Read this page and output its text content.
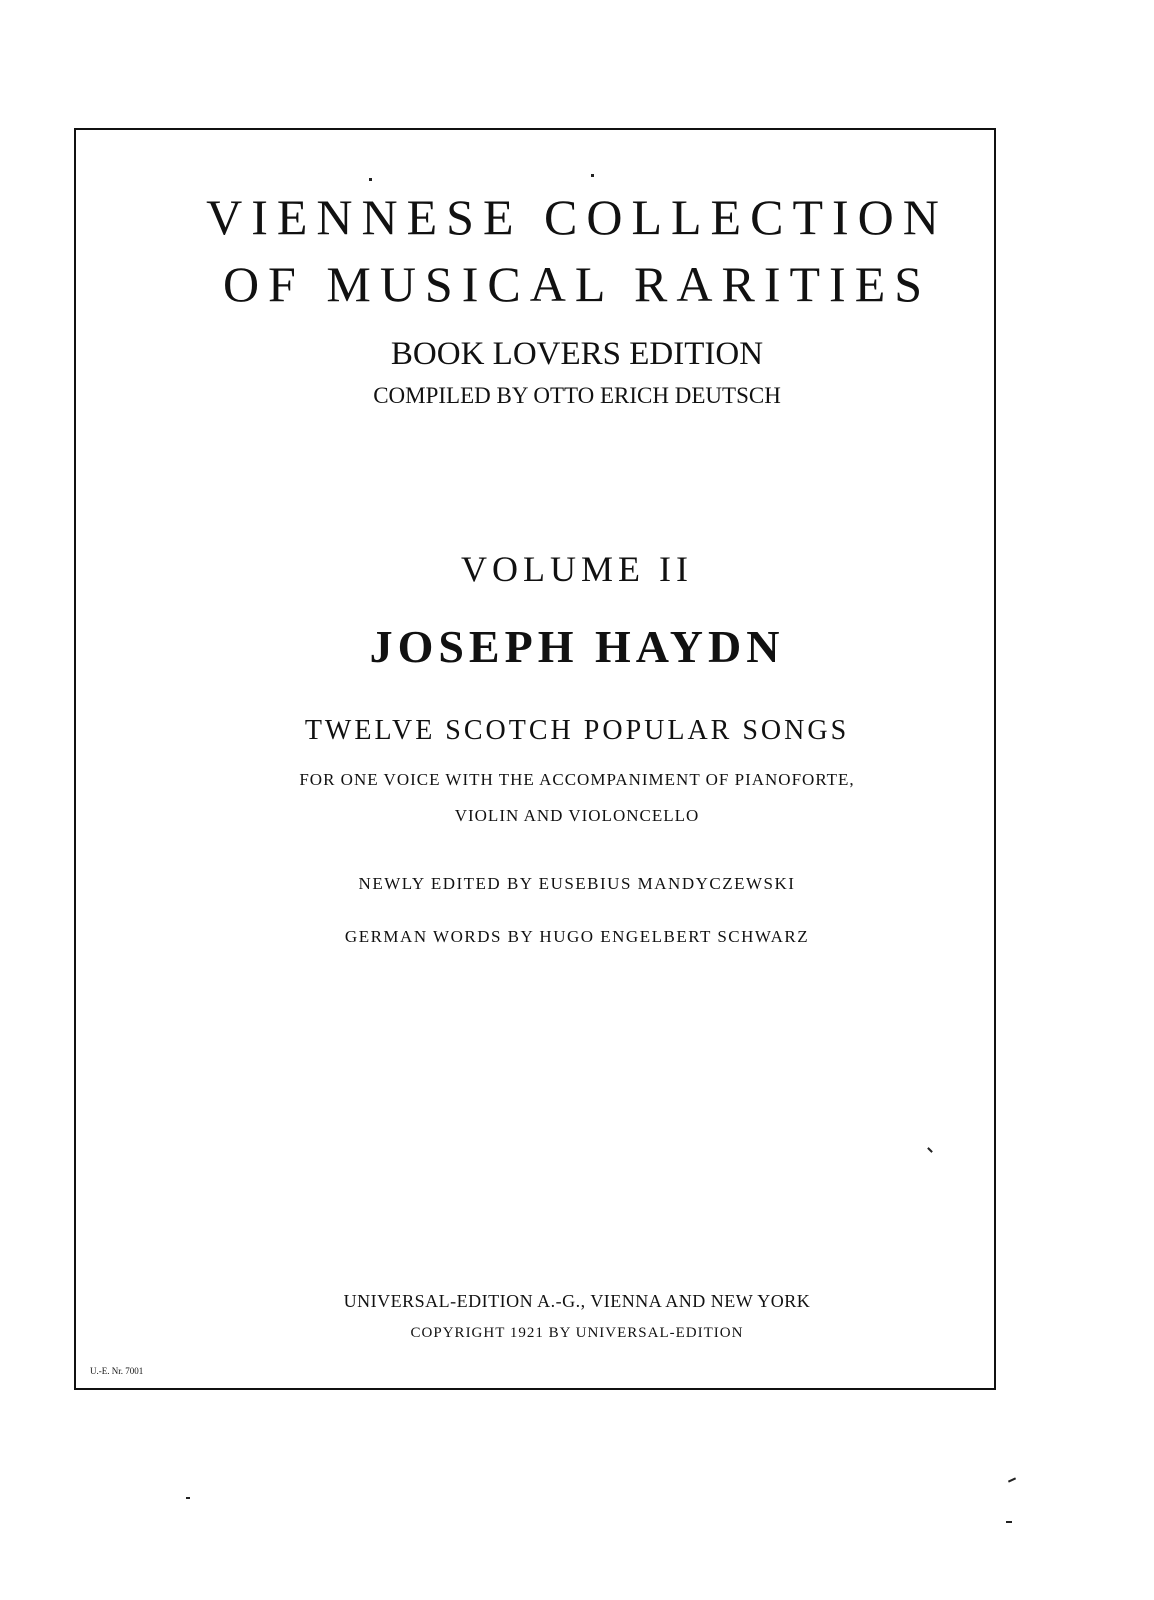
VIENNESE COLLECTION
OF MUSICAL RARITIES
BOOK LOVERS EDITION
COMPILED BY OTTO ERICH DEUTSCH
VOLUME II
JOSEPH HAYDN
TWELVE SCOTCH POPULAR SONGS
FOR ONE VOICE WITH THE ACCOMPANIMENT OF PIANOFORTE,
VIOLIN AND VIOLONCELLO
NEWLY EDITED BY EUSEBIUS MANDYCZEWSKI
GERMAN WORDS BY HUGO ENGELBERT SCHWARZ
UNIVERSAL-EDITION A.-G., VIENNA AND NEW YORK
COPYRIGHT 1921 BY UNIVERSAL-EDITION
U.-E. Nr. 7001
